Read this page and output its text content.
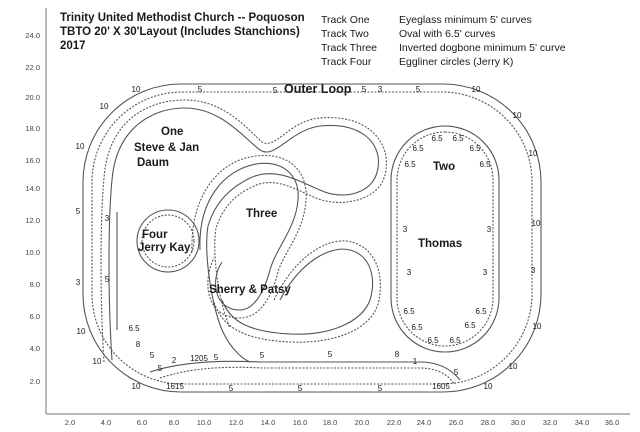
2.0
4.0
6.0
8.0
10.0
12.0
14.0
16.0
18.0
20.0
22.0
24.0
2.0	4.0	6.0	8.0 10.0 12.0 14.0 16.0 18.0 20.0 22.0 24.0 26.0 28.0 30.0 32.0 34.0 36.0
Trinity United Methodist Church -- Poquoson
TBTO 20' X 30'Layout (Includes Stanchions)
2017
Track One	Eyeglass minimum 5' curves
Track Two	Oval with 6.5' curves
Track Three Inverted dogbone minimum 5' curve
Track Four	Eggliner circles (Jerry K)
Outer Loop
One
Steve & Jan
Daum	Two
Three
Four
Jerry Kay	Thomas
Sherry & Patsy
10	5	5	5	5
3	10
10
10
10
3
10
10
10
10
10
10
3
3
10	10
5	5	5
5
5
6.5 6.5
6.5	6.5
6.5	6.5
3	3
3	3
6.5	6.5
6.5	6.5
6.5 6.5
6.5
8
5
2 1205 5	5	8
1
1615
5
5	5
1605
